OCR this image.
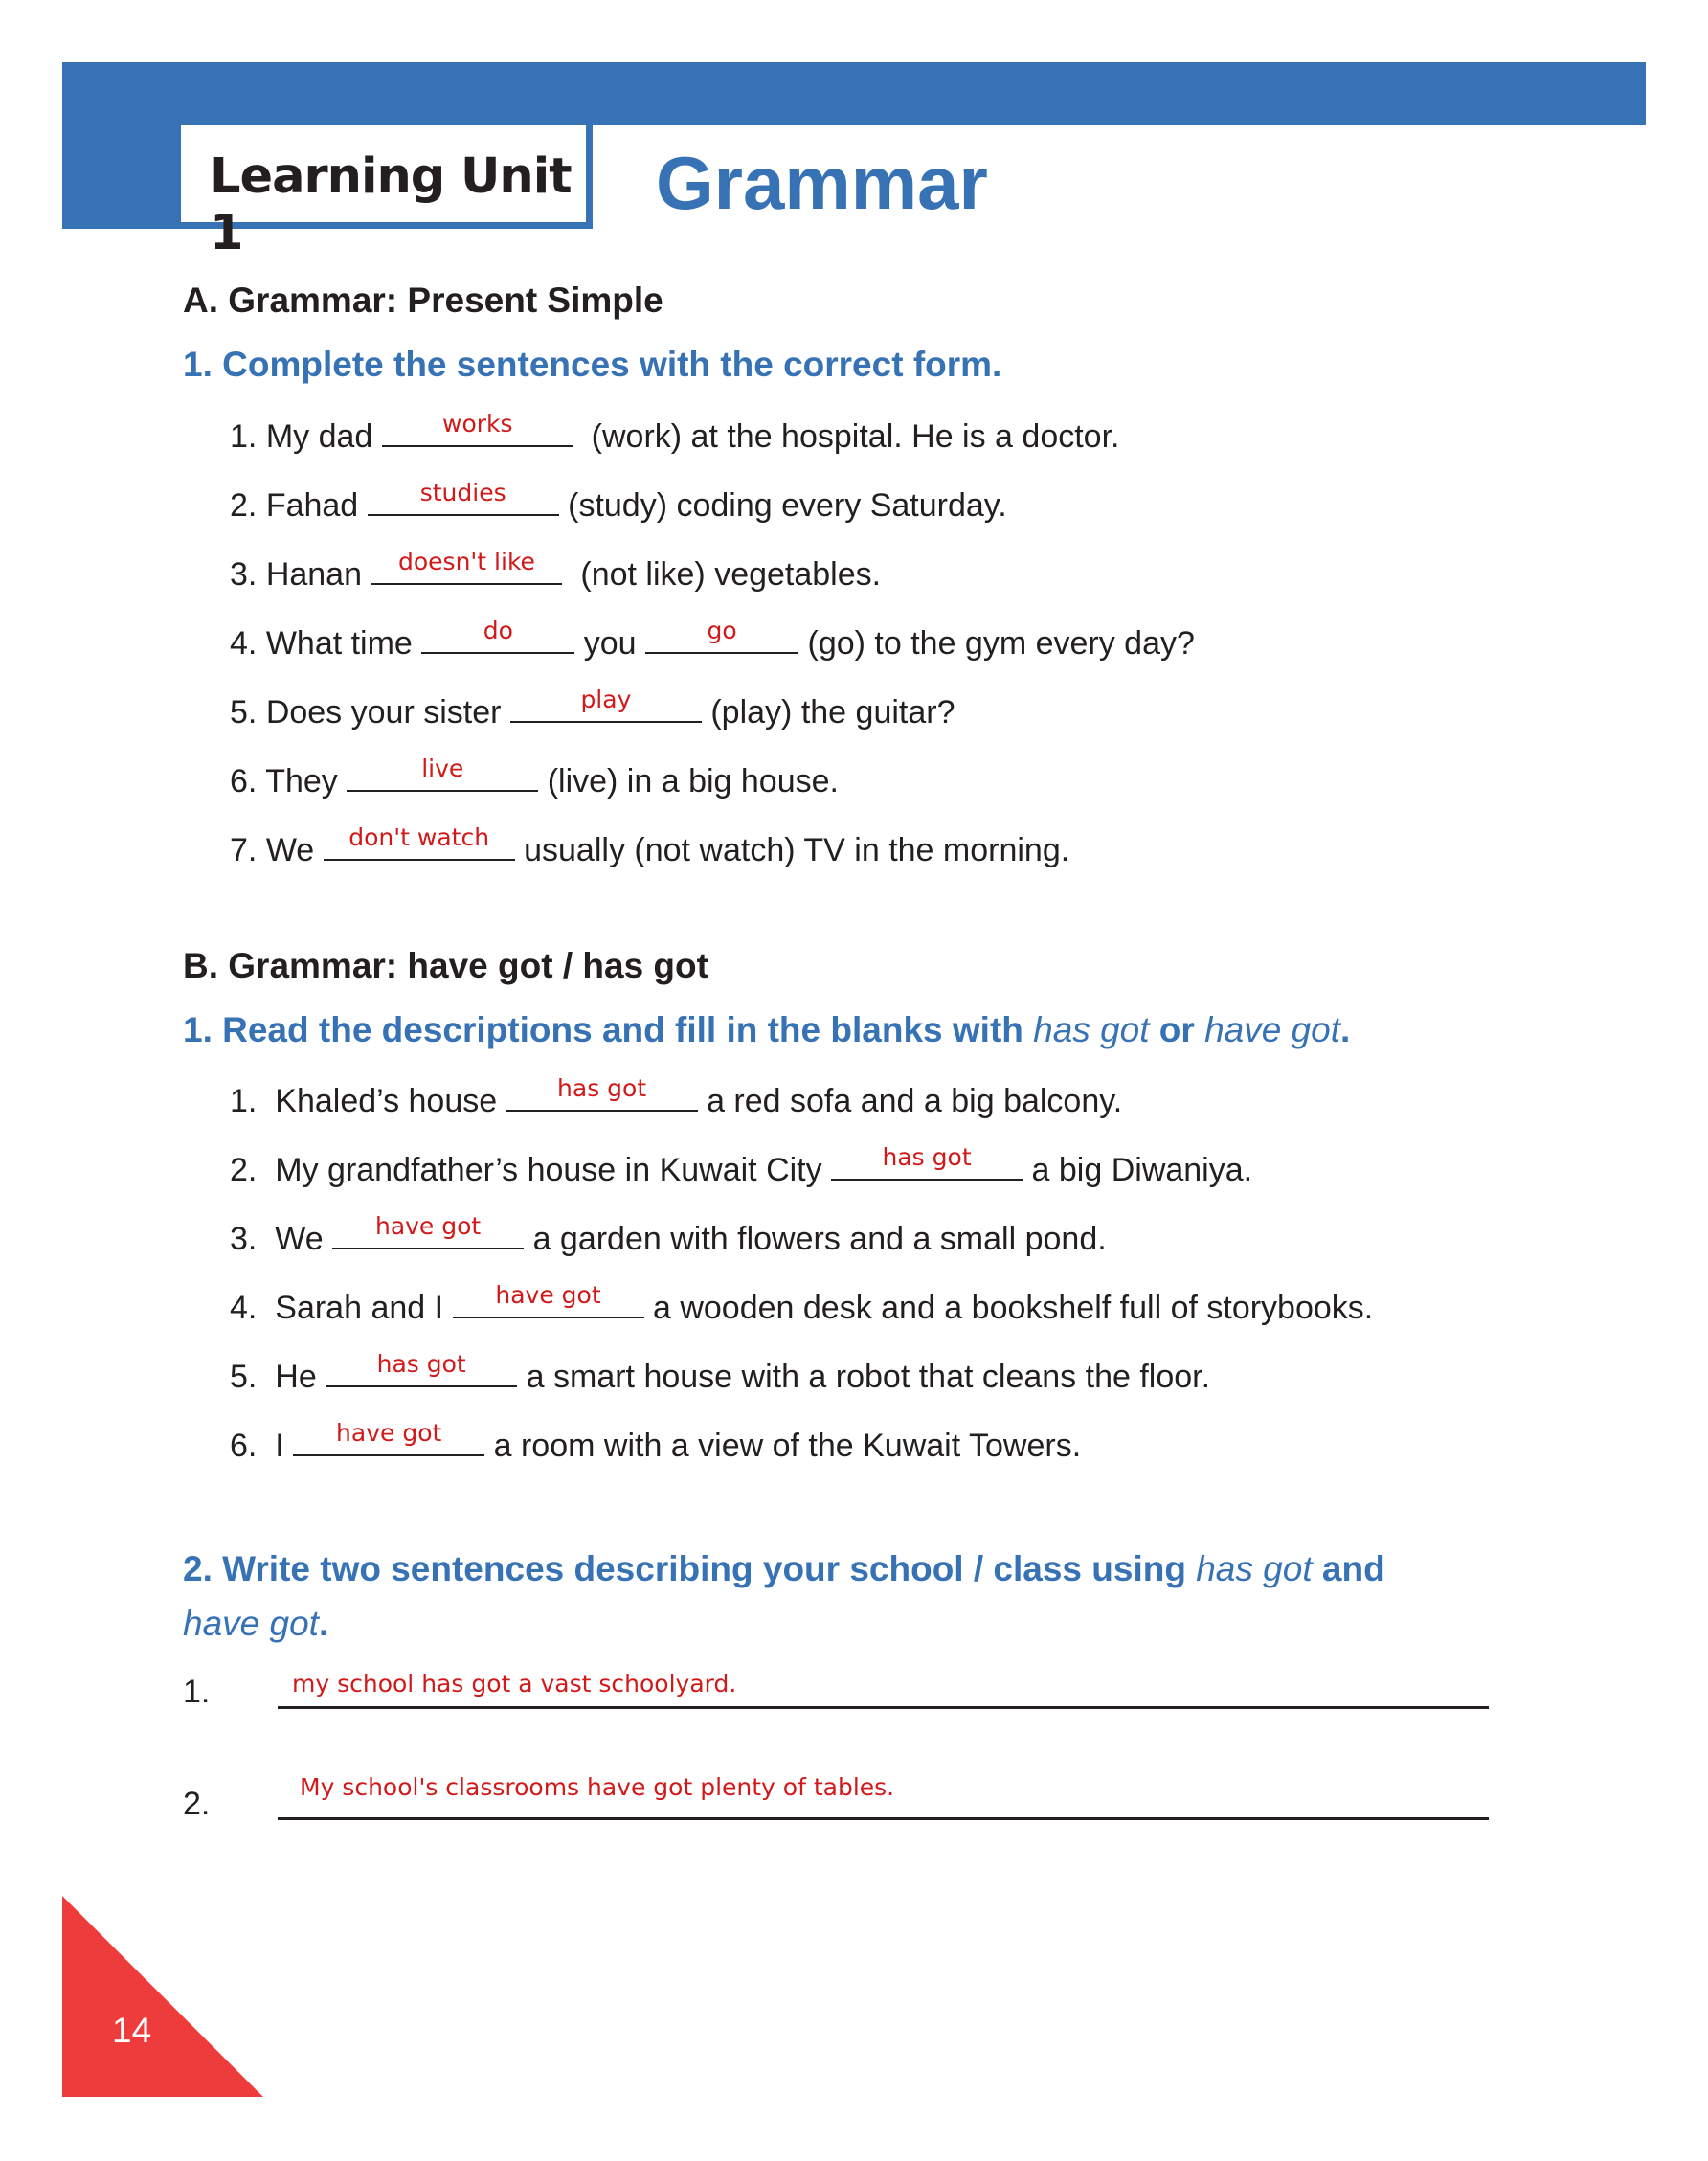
Learning Unit 1
Grammar
A. Grammar: Present Simple
1. Complete the sentences with the correct form.
1. My dad	works	(work) at the hospital. He is a doctor.
2. Fahad	studies	(study) coding every Saturday.
3. Hanan	doesn't like	(not like) vegetables.
4. What time	do	you	go	(go) to the gym every day?
5. Does your sister	play	(play) the guitar?
6. They	live	(live) in a big house.
7. We	don't watch	usually (not watch) TV in the morning.
B. Grammar: have got / has got
1. Read the descriptions and fill in the blanks with has got or have got.
1. Khaled’s house	has got	a red sofa and a big balcony.
2. My grandfather’s house in Kuwait City	has got	a big Diwaniya.
3. We	have got	a garden with flowers and a small pond.
4. Sarah and I	have got	a wooden desk and a bookshelf full of storybooks.
5. He	has got	a smart house with a robot that cleans the floor.
6. I	have got	a room with a view of the Kuwait Towers.
2. Write two sentences describing your school / class using has got and
have got.
1.	my school has got a vast schoolyard.
2.	My school's classrooms have got plenty of tables.
14
